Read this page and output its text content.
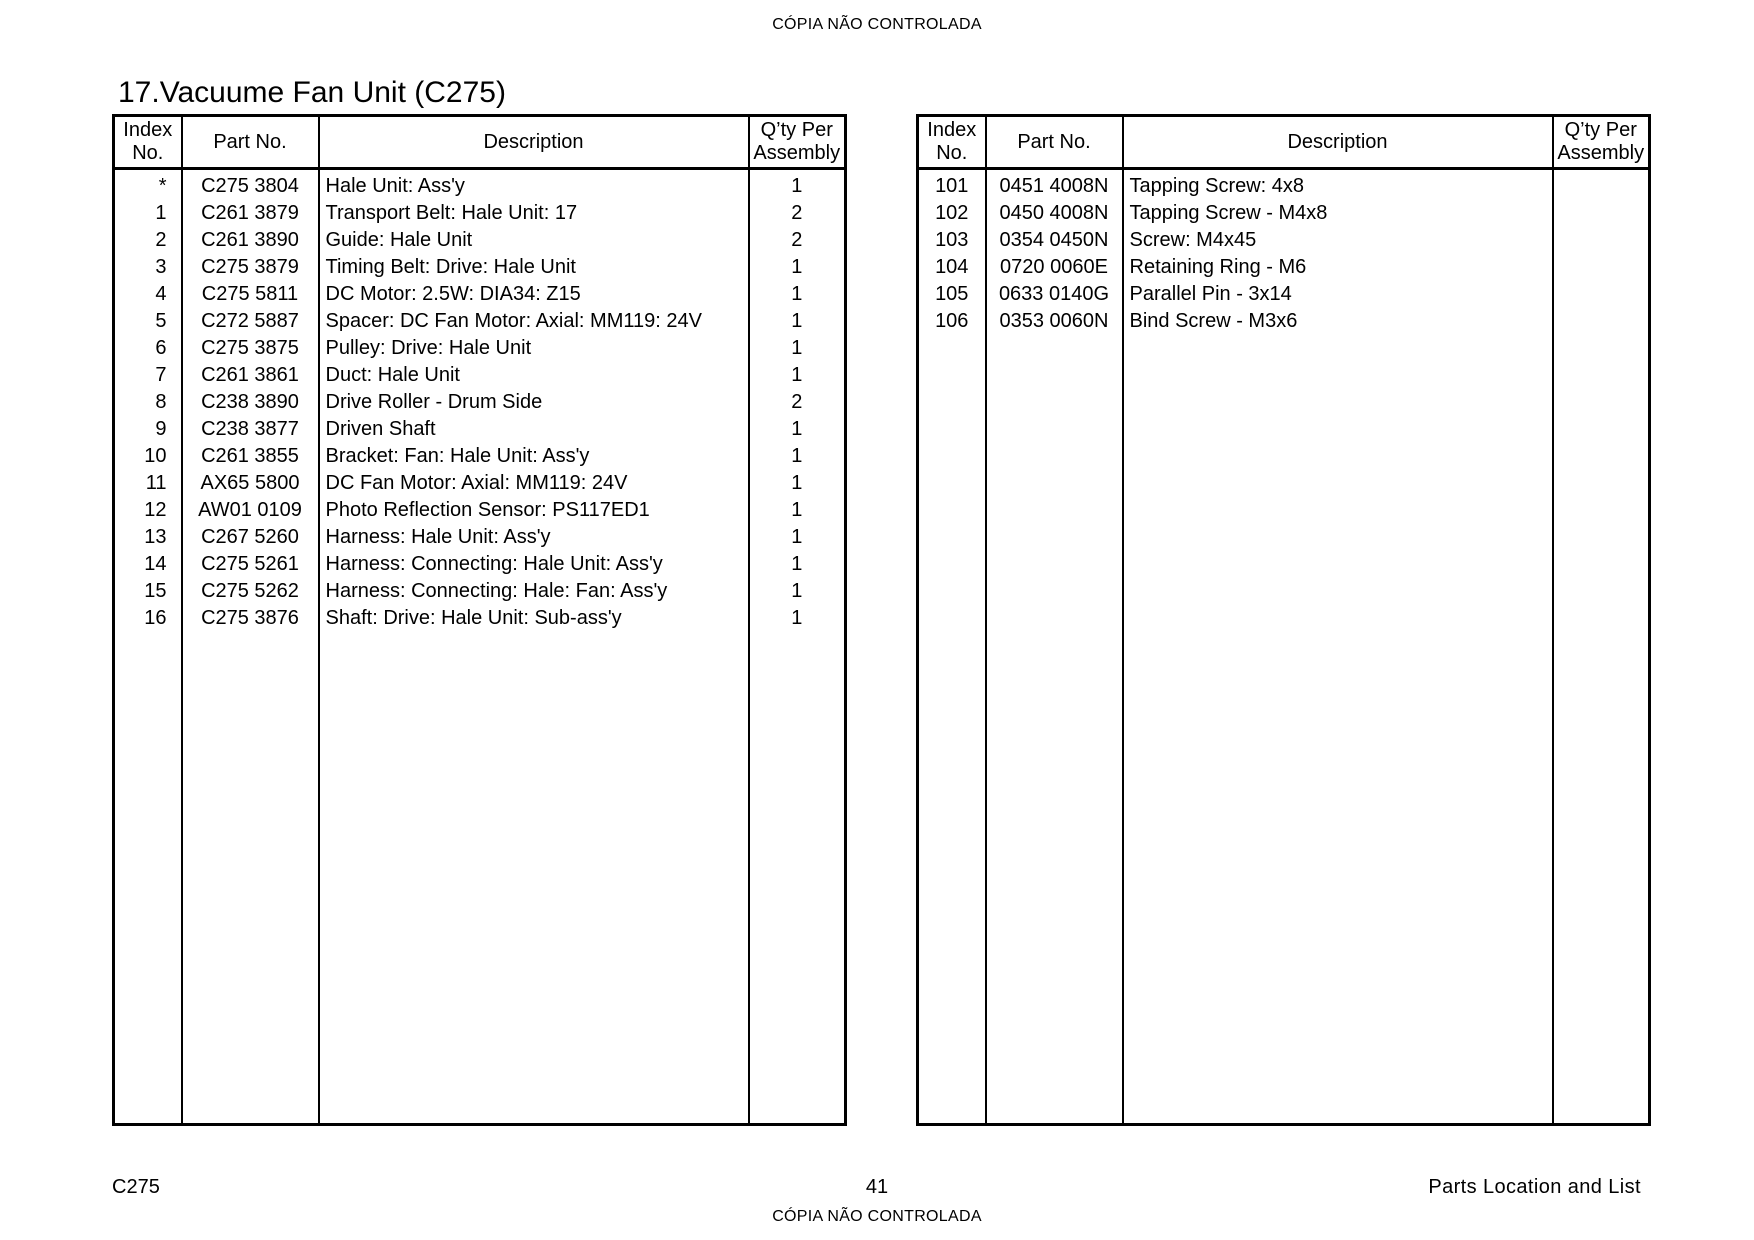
CÓPIA NÃO CONTROLADA
17.Vacuume Fan Unit (C275)
Index
No.	Part No.	Description	Q’ty Per
Assembly
*	C275 3804	Hale Unit: Ass'y	1
1	C261 3879	Transport Belt: Hale Unit: 17	2
2	C261 3890	Guide: Hale Unit	2
3	C275 3879	Timing Belt: Drive: Hale Unit	1
4	C275 5811	DC Motor: 2.5W: DIA34: Z15	1
5	C272 5887	Spacer: DC Fan Motor: Axial: MM119: 24V	1
6	C275 3875	Pulley: Drive: Hale Unit	1
7	C261 3861	Duct: Hale Unit	1
8	C238 3890	Drive Roller - Drum Side	2
9	C238 3877	Driven Shaft	1
10	C261 3855	Bracket: Fan: Hale Unit: Ass'y	1
11	AX65 5800	DC Fan Motor: Axial: MM119: 24V	1
12	AW01 0109	Photo Reflection Sensor: PS117ED1	1
13	C267 5260	Harness: Hale Unit: Ass'y	1
14	C275 5261	Harness: Connecting: Hale Unit: Ass'y	1
15	C275 5262	Harness: Connecting: Hale: Fan: Ass'y	1
16	C275 3876	Shaft: Drive: Hale Unit: Sub-ass'y	1

Index
No.	Part No.	Description	Q’ty Per
Assembly
101	0451 4008N	Tapping Screw: 4x8	
102	0450 4008N	Tapping Screw - M4x8	
103	0354 0450N	Screw: M4x45	
104	0720 0060E	Retaining Ring - M6	
105	0633 0140G	Parallel Pin - 3x14	
106	0353 0060N	Bind Screw - M3x6	

C275	41	Parts Location and List
CÓPIA NÃO CONTROLADA
